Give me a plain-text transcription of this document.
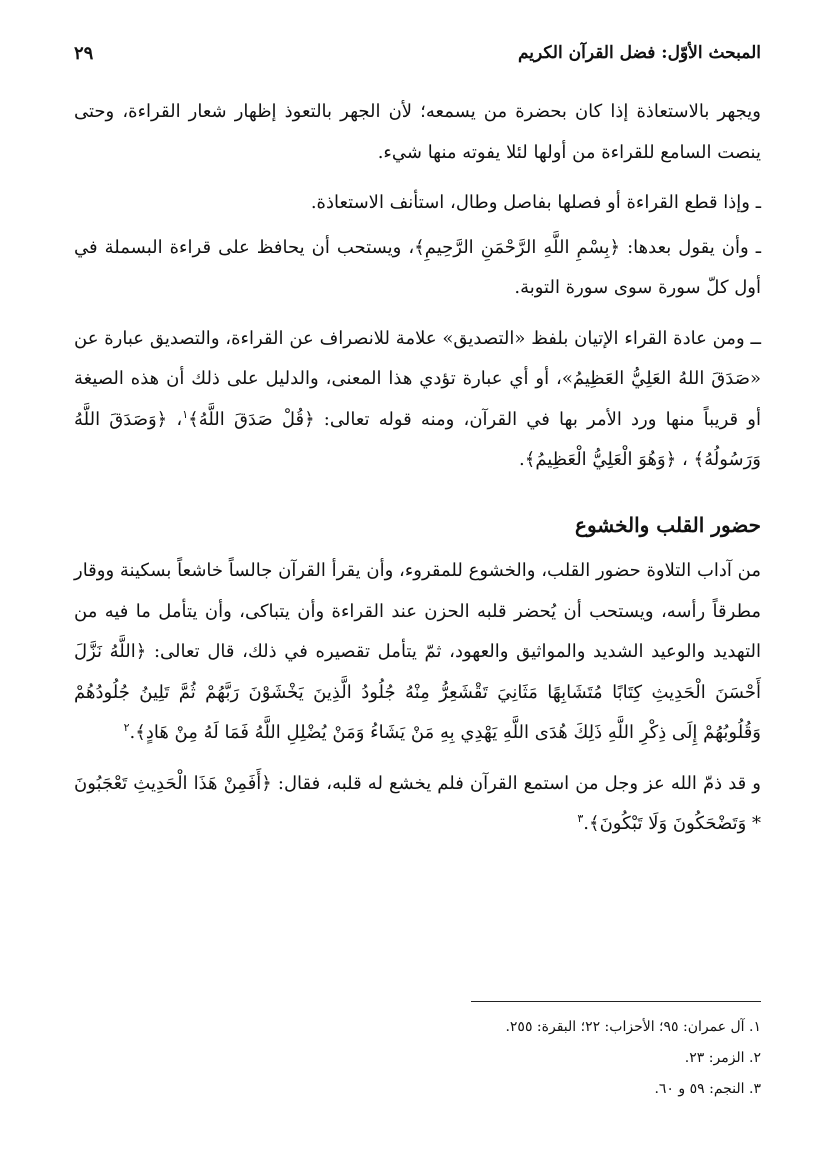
المبحث الأوّل: فضل القرآن الكريم
٢٩

ويجهر بالاستعاذة إذا كان بحضرة من يسمعه؛ لأن الجهر بالتعوذ إظهار شعار القراءة، وحتى ينصت السامع للقراءة من أولها لئلا يفوته منها شيء.

ـ وإذا قطع القراءة أو فصلها بفاصل وطال، استأنف الاستعاذة.

ـ وأن يقول بعدها: ﴿بِسْمِ اللَّهِ الرَّحْمَنِ الرَّحِيمِ﴾، ويستحب أن يحافظ على قراءة البسملة في أول كلّ سورة سوى سورة التوبة.

ــ ومن عادة القراء الإتيان بلفظ «التصديق» علامة للانصراف عن القراءة، والتصديق عبارة عن «صَدَقَ اللهُ العَلِيُّ العَظِيمُ»، أو أي عبارة تؤدي هذا المعنى، والدليل على ذلك أن هذه الصيغة أو قريباً منها ورد الأمر بها في القرآن، ومنه قوله تعالى: ﴿قُلْ صَدَقَ اللَّهُ﴾$^١$، ﴿وَصَدَقَ اللَّهُ وَرَسُولُهُ﴾ ، ﴿وَهُوَ الْعَلِيُّ الْعَظِيمُ﴾.

حضور القلب والخشوع

من آداب التلاوة حضور القلب، والخشوع للمقروء، وأن يقرأ القرآن جالساً خاشعاً بسكينة ووقار مطرقاً رأسه، ويستحب أن يُحضر قلبه الحزن عند القراءة وأن يتباكى، وأن يتأمل ما فيه من التهديد والوعيد الشديد والمواثيق والعهود، ثمّ يتأمل تقصيره في ذلك، قال تعالى: ﴿اللَّهُ نَزَّلَ أَحْسَنَ الْحَدِيثِ كِتَابًا مُتَشَابِهًا مَثَانِيَ تَقْشَعِرُّ مِنْهُ جُلُودُ الَّذِينَ يَخْشَوْنَ رَبَّهُمْ ثُمَّ تَلِينُ جُلُودُهُمْ وَقُلُوبُهُمْ إِلَى ذِكْرِ اللَّهِ ذَلِكَ هُدَى اللَّهِ يَهْدِي بِهِ مَنْ يَشَاءُ وَمَنْ يُضْلِلِ اللَّهُ فَمَا لَهُ مِنْ هَادٍ﴾.$^٢$

و قد ذمّ الله عز وجل من استمع القرآن فلم يخشع له قلبه، فقال: ﴿أَفَمِنْ هَذَا الْحَدِيثِ تَعْجَبُونَ * وَتَضْحَكُونَ وَلَا تَبْكُونَ﴾.$^٣$

١. آل عمران: ٩٥؛ الأحزاب: ٢٢؛ البقرة: ٢٥٥.
٢. الزمر: ٢٣.
٣. النجم: ٥٩ و ٦٠.
